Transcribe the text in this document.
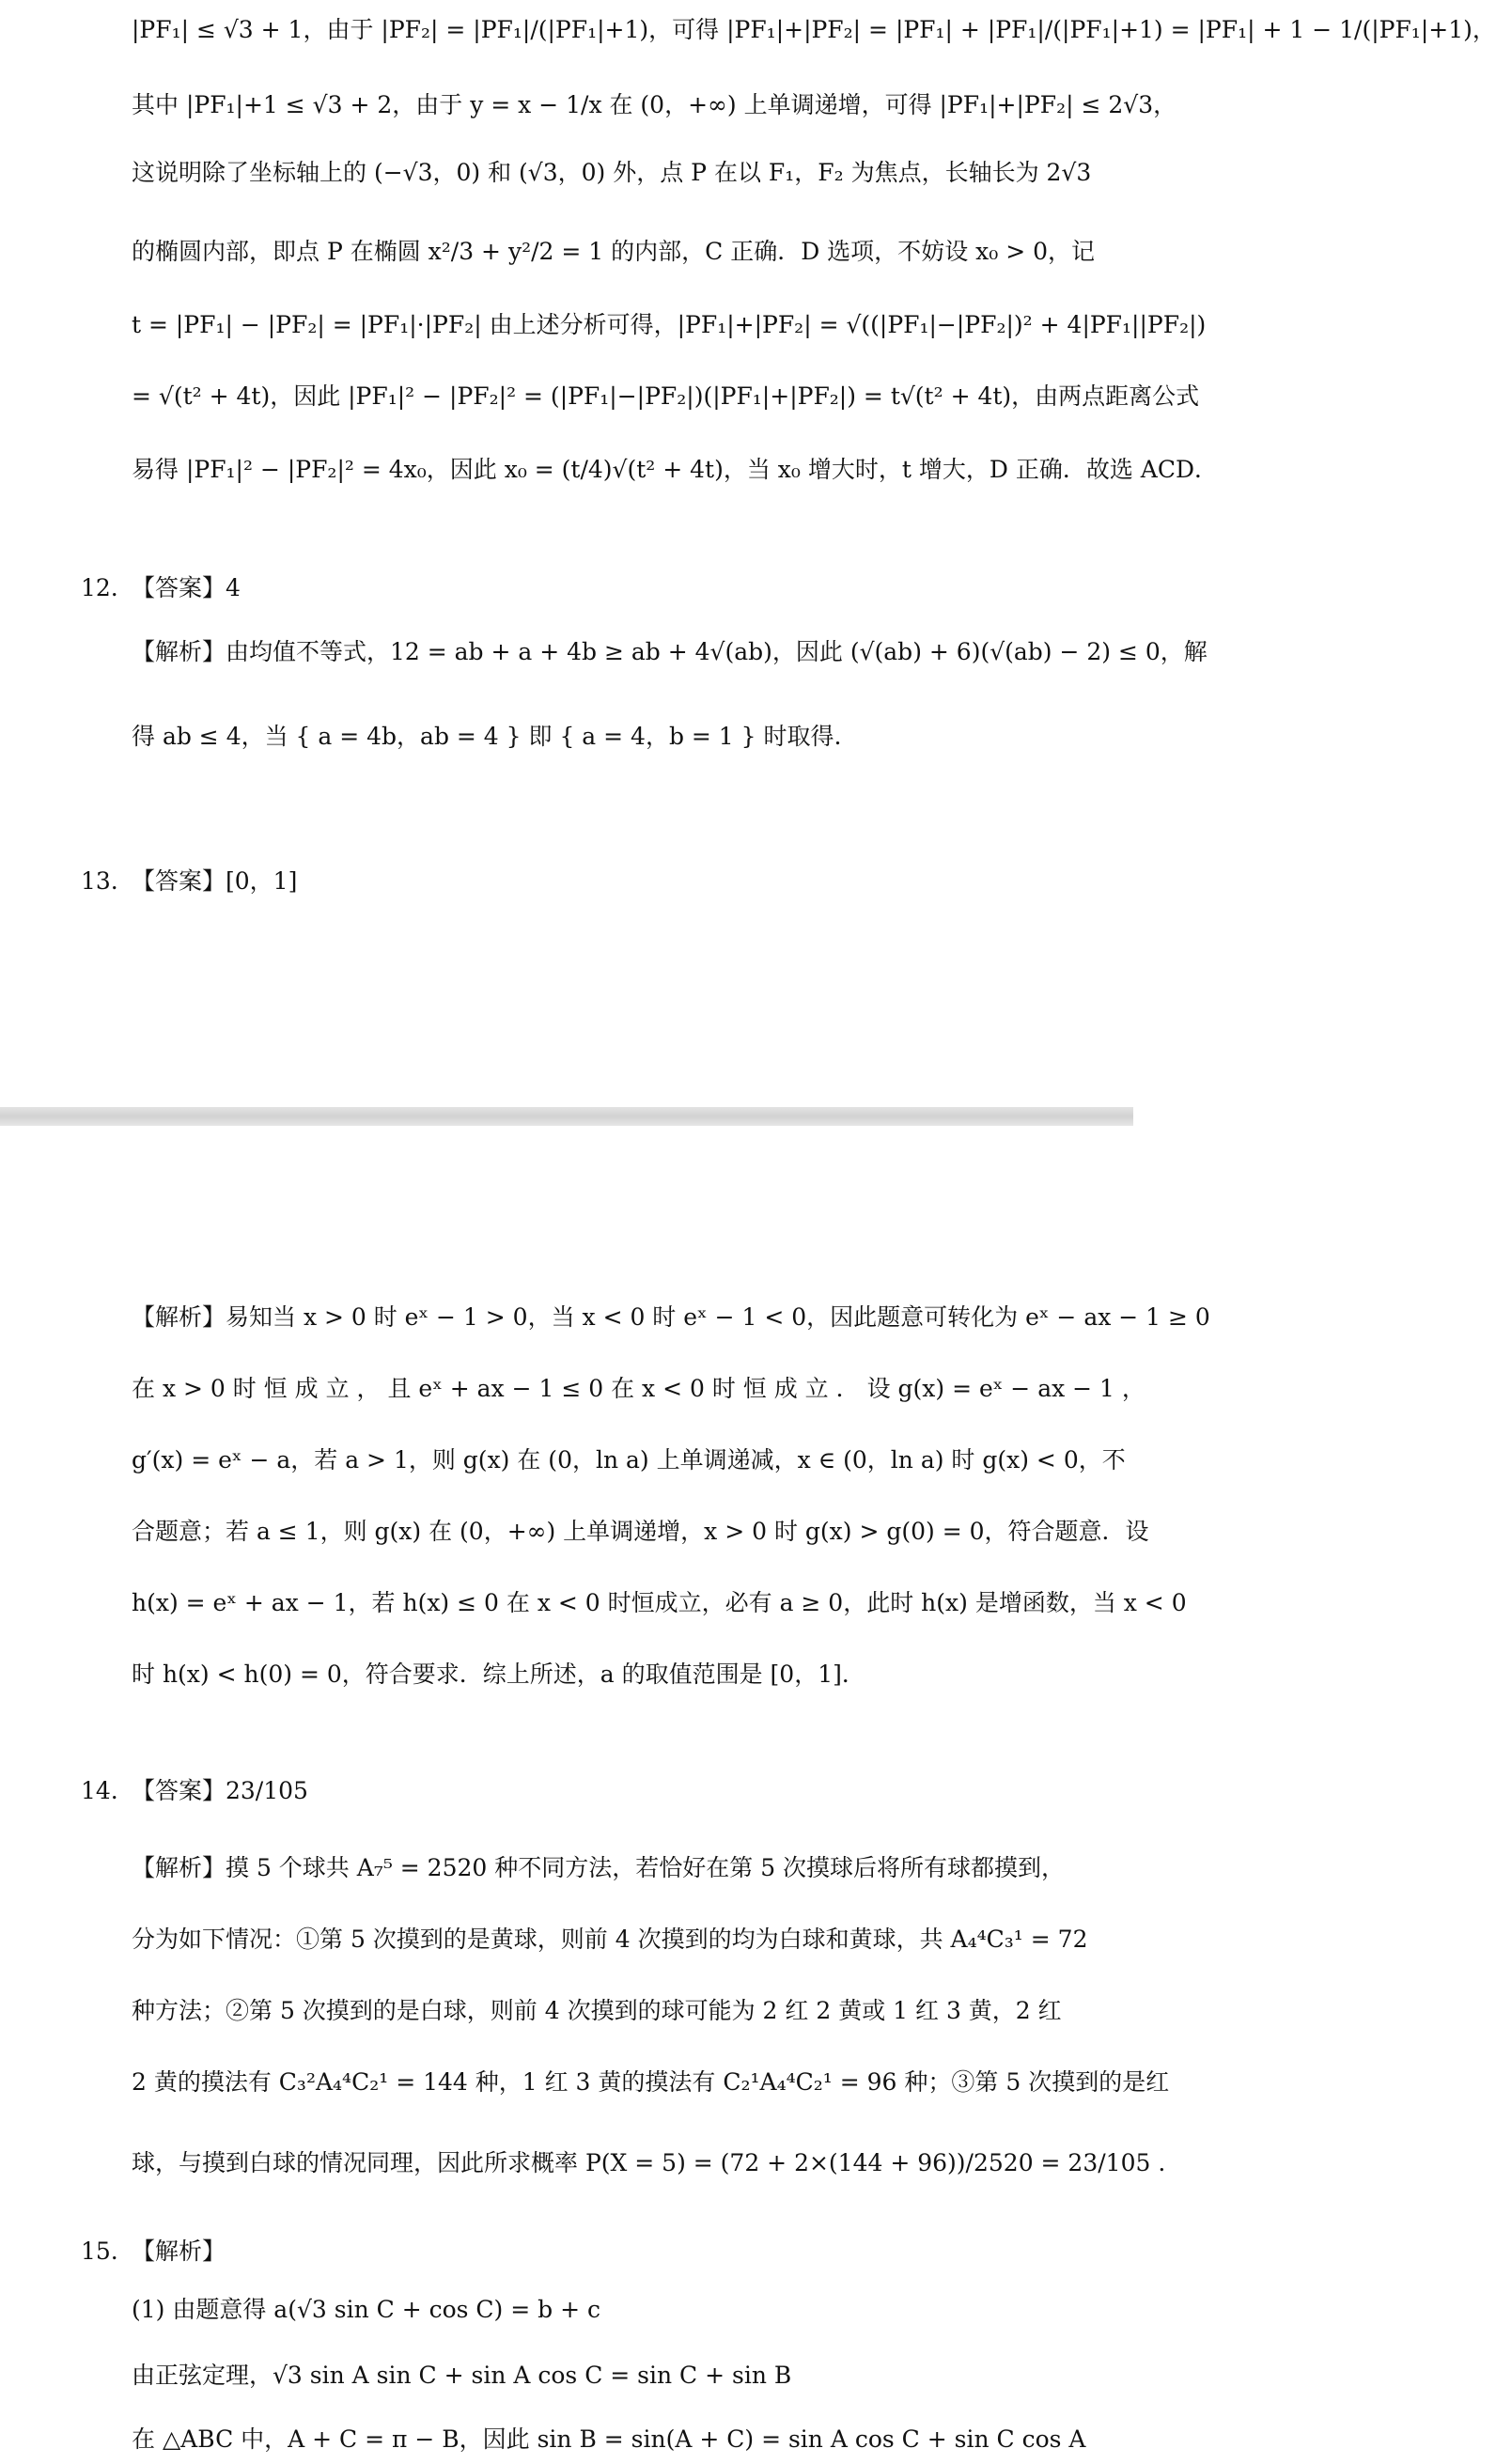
|PF₁| ≤ √3 + 1，由于 |PF₂| = |PF₁|/(|PF₁|+1)，可得 |PF₁|+|PF₂| = |PF₁| + |PF₁|/(|PF₁|+1) = |PF₁| + 1 − 1/(|PF₁|+1)，
其中 |PF₁|+1 ≤ √3 + 2，由于 y = x − 1/x 在 (0，+∞) 上单调递增，可得 |PF₁|+|PF₂| ≤ 2√3，
这说明除了坐标轴上的 (−√3，0) 和 (√3，0) 外，点 P 在以 F₁，F₂ 为焦点，长轴长为 2√3
的椭圆内部，即点 P 在椭圆 x²/3 + y²/2 = 1 的内部，C 正确．D 选项，不妨设 x₀ > 0，记
t = |PF₁| − |PF₂| = |PF₁|·|PF₂| 由上述分析可得，|PF₁|+|PF₂| = √((|PF₁|−|PF₂|)² + 4|PF₁||PF₂|)
= √(t² + 4t)，因此 |PF₁|² − |PF₂|² = (|PF₁|−|PF₂|)(|PF₁|+|PF₂|) = t√(t² + 4t)，由两点距离公式
易得 |PF₁|² − |PF₂|² = 4x₀，因此 x₀ = (t/4)√(t² + 4t)，当 x₀ 增大时，t 增大，D 正确．故选 ACD．
12. 【答案】4
【解析】由均值不等式，12 = ab + a + 4b ≥ ab + 4√(ab)，因此 (√(ab) + 6)(√(ab) − 2) ≤ 0，解
得 ab ≤ 4，当 { a = 4b，ab = 4 } 即 { a = 4，b = 1 } 时取得.
13. 【答案】[0，1]
【解析】易知当 x > 0 时 eˣ − 1 > 0，当 x < 0 时 eˣ − 1 < 0，因此题意可转化为 eˣ − ax − 1 ≥ 0
在 x > 0 时 恒 成 立 ， 且 eˣ + ax − 1 ≤ 0 在 x < 0 时 恒 成 立 ． 设 g(x) = eˣ − ax − 1 ，
g′(x) = eˣ − a，若 a > 1，则 g(x) 在 (0，ln a) 上单调递减，x ∈ (0，ln a) 时 g(x) < 0，不
合题意；若 a ≤ 1，则 g(x) 在 (0，+∞) 上单调递增，x > 0 时 g(x) > g(0) = 0，符合题意．设
h(x) = eˣ + ax − 1，若 h(x) ≤ 0 在 x < 0 时恒成立，必有 a ≥ 0，此时 h(x) 是增函数，当 x < 0
时 h(x) < h(0) = 0，符合要求．综上所述，a 的取值范围是 [0，1]．
14. 【答案】23/105
【解析】摸 5 个球共 A₇⁵ = 2520 种不同方法，若恰好在第 5 次摸球后将所有球都摸到，
分为如下情况：①第 5 次摸到的是黄球，则前 4 次摸到的均为白球和黄球，共 A₄⁴C₃¹ = 72
种方法；②第 5 次摸到的是白球，则前 4 次摸到的球可能为 2 红 2 黄或 1 红 3 黄，2 红
2 黄的摸法有 C₃²A₄⁴C₂¹ = 144 种，1 红 3 黄的摸法有 C₂¹A₄⁴C₂¹ = 96 种；③第 5 次摸到的是红
球，与摸到白球的情况同理，因此所求概率 P(X = 5) = (72 + 2×(144 + 96))/2520 = 23/105 .
15. 【解析】
(1) 由题意得 a(√3 sin C + cos C) = b + c
由正弦定理，√3 sin A sin C + sin A cos C = sin C + sin B
在 △ABC 中，A + C = π − B，因此 sin B = sin(A + C) = sin A cos C + sin C cos A
